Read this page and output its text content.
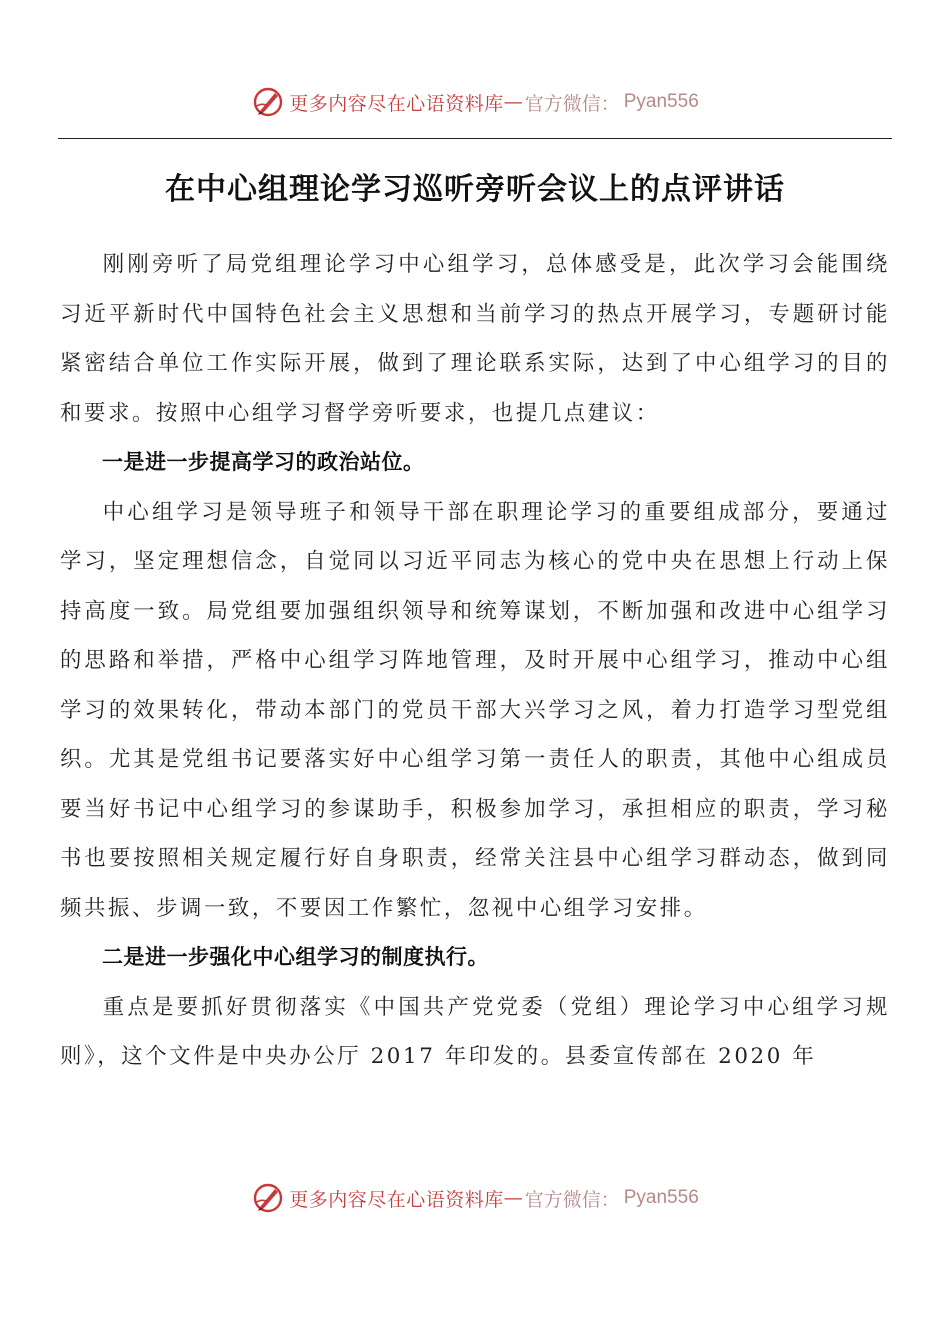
更多内容尽在心语资料库 — 官方微信： Pyan556
在中心组理论学习巡听旁听会议上的点评讲话

刚刚旁听了局党组理论学习中心组学习，总体感受是，此次学习会能围绕习近平新时代中国特色社会主义思想和当前学习的热点开展学习，专题研讨能紧密结合单位工作实际开展，做到了理论联系实际，达到了中心组学习的目的和要求。按照中心组学习督学旁听要求，也提几点建议：

一是进一步提高学习的政治站位。

中心组学习是领导班子和领导干部在职理论学习的重要组成部分，要通过学习，坚定理想信念，自觉同以习近平同志为核心的党中央在思想上行动上保持高度一致。局党组要加强组织领导和统筹谋划，不断加强和改进中心组学习的思路和举措，严格中心组学习阵地管理，及时开展中心组学习，推动中心组学习的效果转化，带动本部门的党员干部大兴学习之风，着力打造学习型党组织。尤其是党组书记要落实好中心组学习第一责任人的职责，其他中心组成员要当好书记中心组学习的参谋助手，积极参加学习，承担相应的职责，学习秘书也要按照相关规定履行好自身职责，经常关注县中心组学习群动态，做到同频共振、步调一致，不要因工作繁忙，忽视中心组学习安排。

二是进一步强化中心组学习的制度执行。

重点是要抓好贯彻落实《中国共产党党委（党组）理论学习中心组学习规则》，这个文件是中央办公厅 2017 年印发的。县委宣传部在 2020 年

更多内容尽在心语资料库 — 官方微信： Pyan556
